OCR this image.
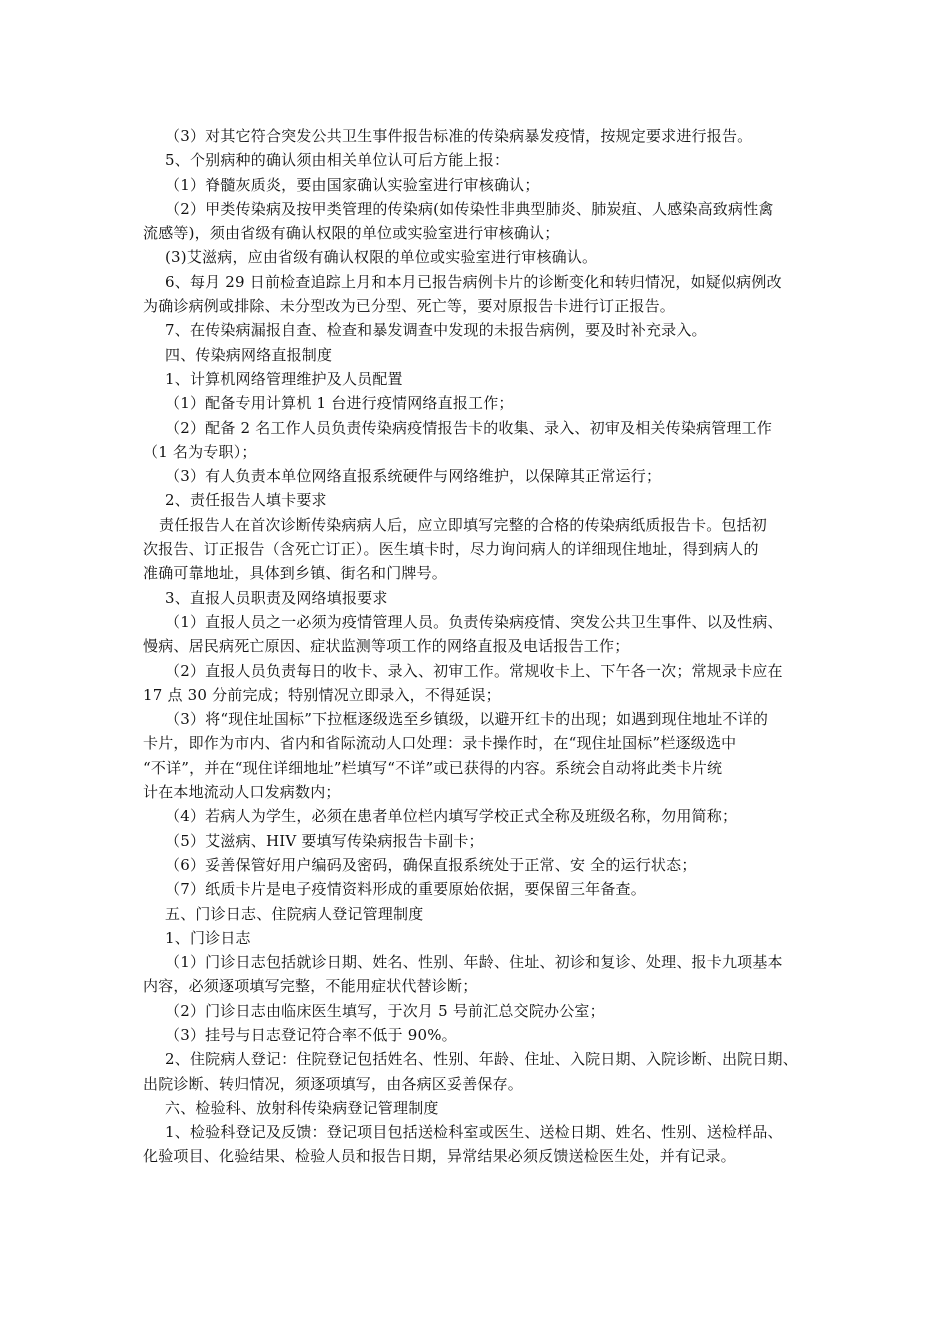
（3）对其它符合突发公共卫生事件报告标准的传染病暴发疫情，按规定要求进行报告。
5、个别病种的确认须由相关单位认可后方能上报：
（1）脊髓灰质炎，要由国家确认实验室进行审核确认；
（2）甲类传染病及按甲类管理的传染病(如传染性非典型肺炎、肺炭疽、人感染高致病性禽
流感等)，须由省级有确认权限的单位或实验室进行审核确认；
(3)艾滋病，应由省级有确认权限的单位或实验室进行审核确认。
6、每月 29 日前检查追踪上月和本月已报告病例卡片的诊断变化和转归情况，如疑似病例改
为确诊病例或排除、未分型改为已分型、死亡等，要对原报告卡进行订正报告。
7、在传染病漏报自查、检查和暴发调查中发现的未报告病例，要及时补充录入。
四、传染病网络直报制度
1、计算机网络管理维护及人员配置
（1）配备专用计算机 1 台进行疫情网络直报工作；
（2）配备 2 名工作人员负责传染病疫情报告卡的收集、录入、初审及相关传染病管理工作
（1 名为专职）；
（3）有人负责本单位网络直报系统硬件与网络维护，以保障其正常运行；
2、责任报告人填卡要求
责任报告人在首次诊断传染病病人后，应立即填写完整的合格的传染病纸质报告卡。包括初
次报告、订正报告（含死亡订正）。医生填卡时，尽力询问病人的详细现住地址，得到病人的
准确可靠地址，具体到乡镇、街名和门牌号。
3、直报人员职责及网络填报要求
（1）直报人员之一必须为疫情管理人员。负责传染病疫情、突发公共卫生事件、以及性病、
慢病、居民病死亡原因、症状监测等项工作的网络直报及电话报告工作；
（2）直报人员负责每日的收卡、录入、初审工作。常规收卡上、下午各一次；常规录卡应在
17 点 30 分前完成；特别情况立即录入，不得延误；
（3）将“现住址国标”下拉框逐级选至乡镇级，以避开红卡的出现；如遇到现住地址不详的
卡片，即作为市内、省内和省际流动人口处理：录卡操作时，在“现住址国标”栏逐级选中
“不详”，并在“现住详细地址”栏填写“不详”或已获得的内容。系统会自动将此类卡片统
计在本地流动人口发病数内；
（4）若病人为学生，必须在患者单位栏内填写学校正式全称及班级名称，勿用简称；
（5）艾滋病、HIV 要填写传染病报告卡副卡；
（6）妥善保管好用户编码及密码，确保直报系统处于正常、安 全的运行状态；
（7）纸质卡片是电子疫情资料形成的重要原始依据，要保留三年备查。
五、门诊日志、住院病人登记管理制度
1、门诊日志
（1）门诊日志包括就诊日期、姓名、性别、年龄、住址、初诊和复诊、处理、报卡九项基本
内容，必须逐项填写完整，不能用症状代替诊断；
（2）门诊日志由临床医生填写，于次月 5 号前汇总交院办公室；
（3）挂号与日志登记符合率不低于 90%。
2、住院病人登记：住院登记包括姓名、性别、年龄、住址、入院日期、入院诊断、出院日期、
出院诊断、转归情况，须逐项填写，由各病区妥善保存。
六、检验科、放射科传染病登记管理制度
1、检验科登记及反馈：登记项目包括送检科室或医生、送检日期、姓名、性别、送检样品、
化验项目、化验结果、检验人员和报告日期，异常结果必须反馈送检医生处，并有记录。
